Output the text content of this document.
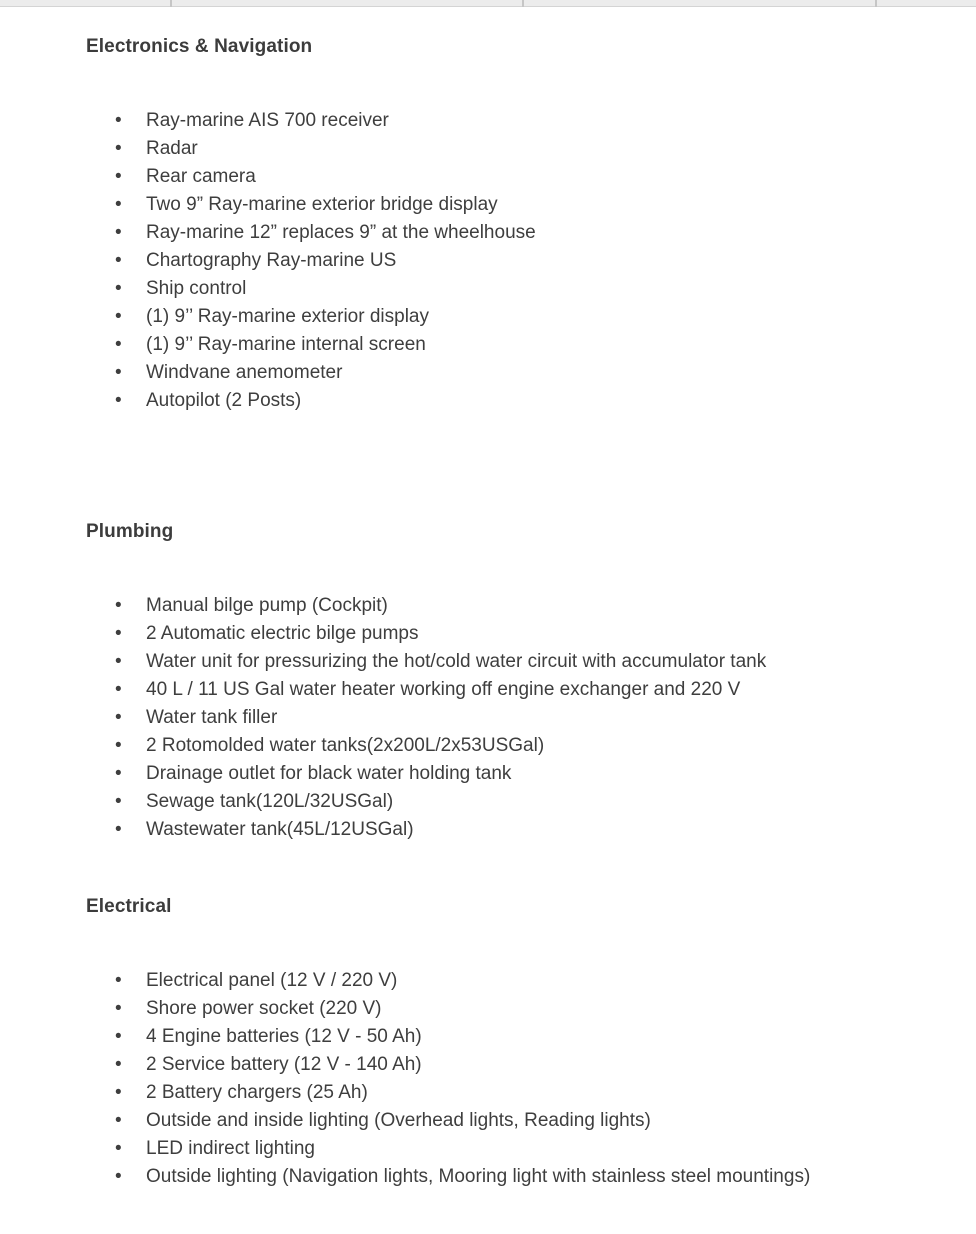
Electronics & Navigation
• Ray-marine AIS 700 receiver
• Radar
• Rear camera
• Two 9” Ray-marine exterior bridge display
• Ray-marine 12” replaces 9” at the wheelhouse
• Chartography Ray-marine US
• Ship control
• (1) 9’’ Ray-marine exterior display
• (1) 9’’ Ray-marine internal screen
• Windvane anemometer
• Autopilot (2 Posts)
Plumbing
• Manual bilge pump (Cockpit)
• 2 Automatic electric bilge pumps
• Water unit for pressurizing the hot/cold water circuit with accumulator tank
• 40 L / 11 US Gal water heater working off engine exchanger and 220 V
• Water tank filler
• 2 Rotomolded water tanks(2x200L/2x53USGal)
• Drainage outlet for black water holding tank
• Sewage tank(120L/32USGal)
• Wastewater tank(45L/12USGal)
Electrical
• Electrical panel (12 V / 220 V)
• Shore power socket (220 V)
• 4 Engine batteries (12 V - 50 Ah)
• 2 Service battery (12 V - 140 Ah)
• 2 Battery chargers (25 Ah)
• Outside and inside lighting (Overhead lights, Reading lights)
• LED indirect lighting
• Outside lighting (Navigation lights, Mooring light with stainless steel mountings)
